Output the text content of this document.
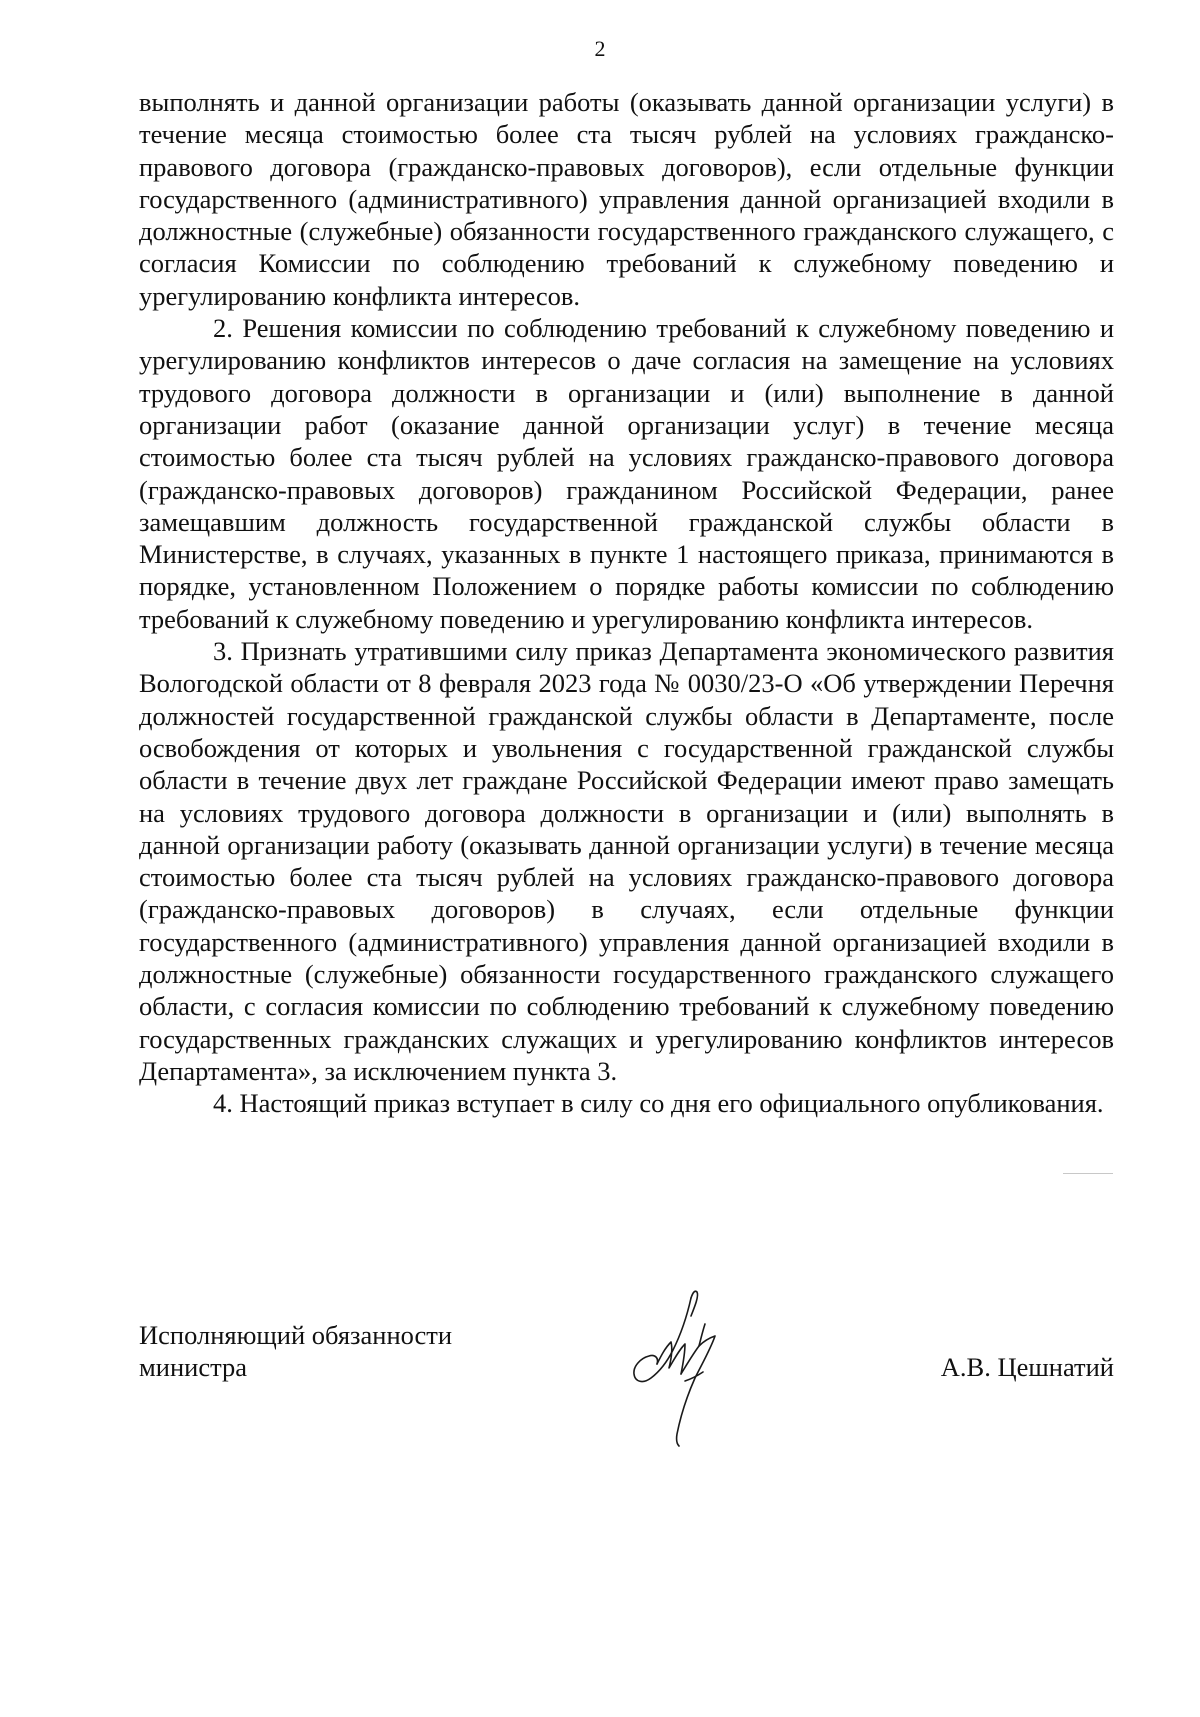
2

выполнять и данной организации работы (оказывать данной организации услуги) в течение месяца стоимостью более ста тысяч рублей на условиях гражданско-правового договора (гражданско-правовых договоров), если отдельные функции государственного (административного) управления данной организацией входили в должностные (служебные) обязанности государственного гражданского служащего, с согласия Комиссии по соблюдению требований к служебному поведению и урегулированию конфликта интересов.

2. Решения комиссии по соблюдению требований к служебному поведению и урегулированию конфликтов интересов о даче согласия на замещение на условиях трудового договора должности в организации и (или) выполнение в данной организации работ (оказание данной организации услуг) в течение месяца стоимостью более ста тысяч рублей на условиях гражданско-правового договора (гражданско-правовых договоров) гражданином Российской Федерации, ранее замещавшим должность государственной гражданской службы области в Министерстве, в случаях, указанных в пункте 1 настоящего приказа, принимаются в порядке, установленном Положением о порядке работы комиссии по соблюдению требований к служебному поведению и урегулированию конфликта интересов.

3. Признать утратившими силу приказ Департамента экономического развития Вологодской области от 8 февраля 2023 года № 0030/23-О «Об утверждении Перечня должностей государственной гражданской службы области в Департаменте, после освобождения от которых и увольнения с государственной гражданской службы области в течение двух лет граждане Российской Федерации имеют право замещать на условиях трудового договора должности в организации и (или) выполнять в данной организации работу (оказывать данной организации услуги) в течение месяца стоимостью более ста тысяч рублей на условиях гражданско-правового договора (гражданско-правовых договоров) в случаях, если отдельные функции государственного (административного) управления данной организацией входили в должностные (служебные) обязанности государственного гражданского служащего области, с согласия комиссии по соблюдению требований к служебному поведению государственных гражданских служащих и урегулированию конфликтов интересов Департамента», за исключением пункта 3.

4. Настоящий приказ вступает в силу со дня его официального опубликования.

Исполняющий обязанности
министра	А.В. Цешнатий
